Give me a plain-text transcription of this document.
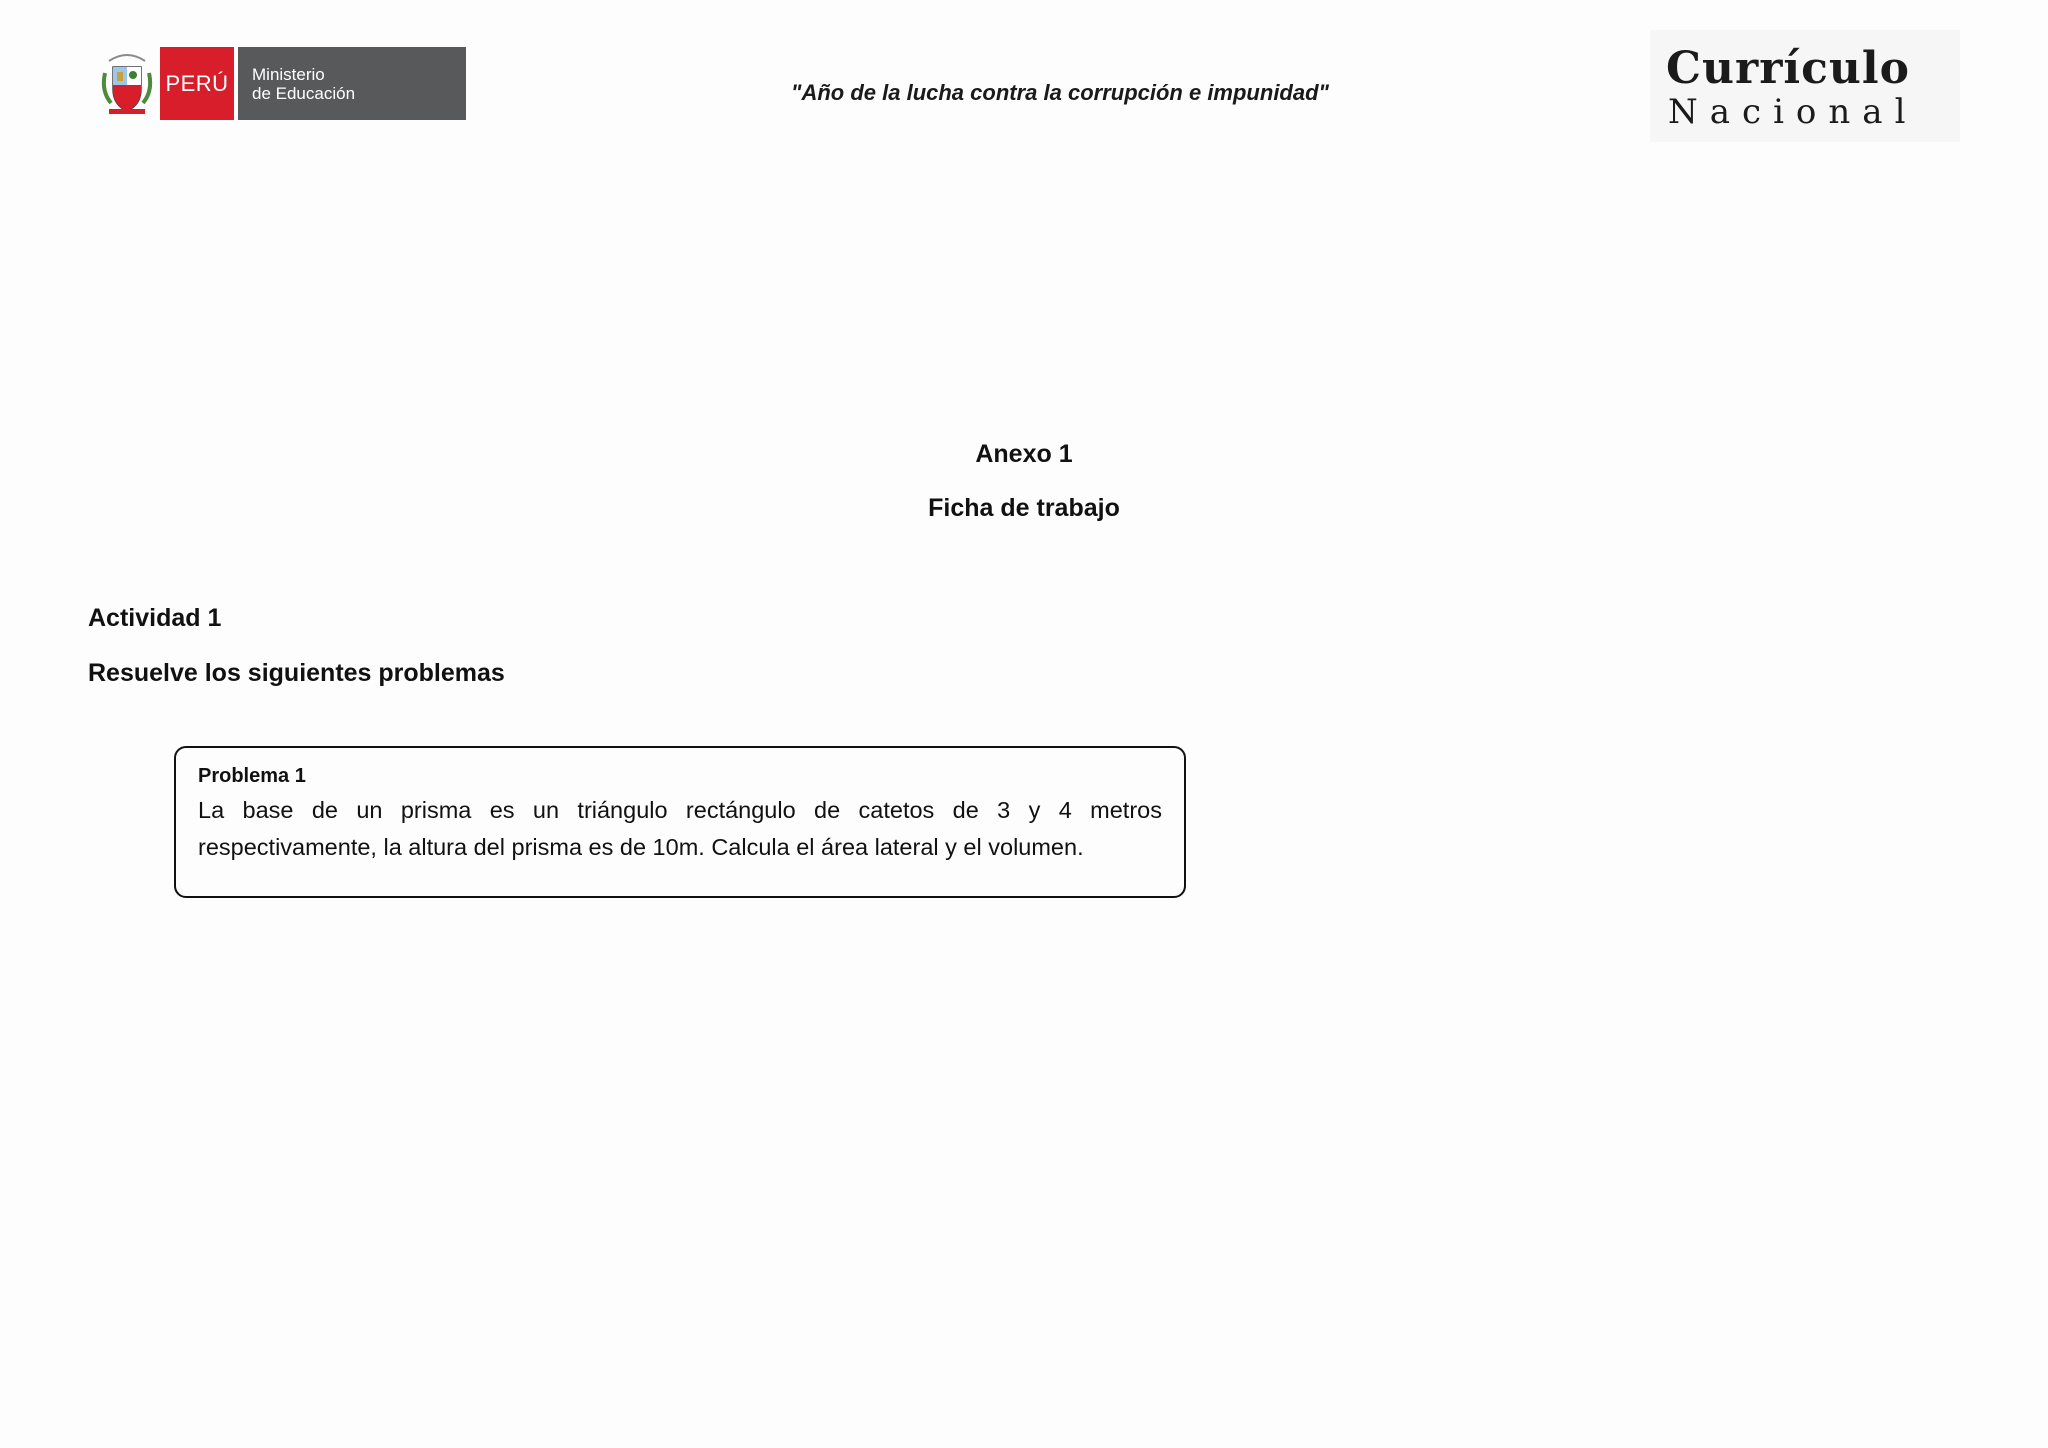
PERÚ	Ministerio
de Educación	"Año de la lucha contra la corrupción e impunidad"	Currículo
Nacional
Anexo 1
Ficha de trabajo
Actividad 1
Resuelve los siguientes problemas
Problema 1
La base de un prisma es un triángulo rectángulo de catetos de 3 y 4 metros respectivamente, la altura del prisma es de 10m. Calcula el área lateral y el volumen.
